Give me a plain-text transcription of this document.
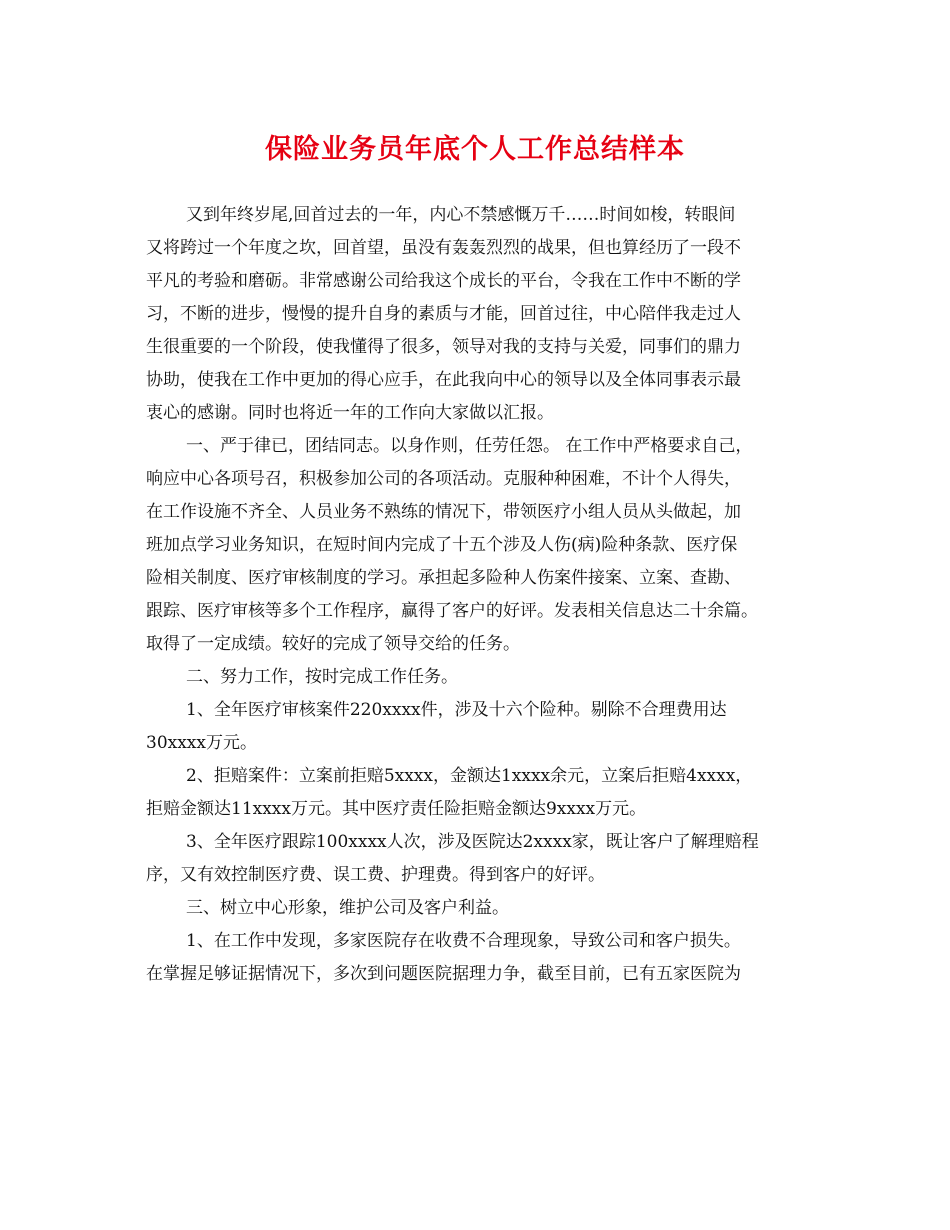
保险业务员年底个人工作总结样本
又到年终岁尾,回首过去的一年，内心不禁感慨万千……时间如梭，转眼间
又将跨过一个年度之坎，回首望，虽没有轰轰烈烈的战果，但也算经历了一段不
平凡的考验和磨砺。非常感谢公司给我这个成长的平台，令我在工作中不断的学
习，不断的进步，慢慢的提升自身的素质与才能，回首过往，中心陪伴我走过人
生很重要的一个阶段，使我懂得了很多，领导对我的支持与关爱，同事们的鼎力
协助，使我在工作中更加的得心应手，在此我向中心的领导以及全体同事表示最
衷心的感谢。同时也将近一年的工作向大家做以汇报。
一、严于律已，团结同志。以身作则，任劳任怨。 在工作中严格要求自己，
响应中心各项号召，积极参加公司的各项活动。克服种种困难，不计个人得失，
在工作设施不齐全、人员业务不熟练的情况下，带领医疗小组人员从头做起，加
班加点学习业务知识，在短时间内完成了十五个涉及人伤(病)险种条款、医疗保
险相关制度、医疗审核制度的学习。承担起多险种人伤案件接案、立案、查勘、
跟踪、医疗审核等多个工作程序，赢得了客户的好评。发表相关信息达二十余篇。
取得了一定成绩。较好的完成了领导交给的任务。
二、努力工作，按时完成工作任务。
1、全年医疗审核案件220xxxx件，涉及十六个险种。剔除不合理费用达
30xxxx万元。
2、拒赔案件：立案前拒赔5xxxx，金额达1xxxx余元，立案后拒赔4xxxx，
拒赔金额达11xxxx万元。其中医疗责任险拒赔金额达9xxxx万元。
3、全年医疗跟踪100xxxx人次，涉及医院达2xxxx家，既让客户了解理赔程
序，又有效控制医疗费、误工费、护理费。得到客户的好评。
三、树立中心形象，维护公司及客户利益。
1、在工作中发现，多家医院存在收费不合理现象，导致公司和客户损失。
在掌握足够证据情况下，多次到问题医院据理力争，截至目前，已有五家医院为
